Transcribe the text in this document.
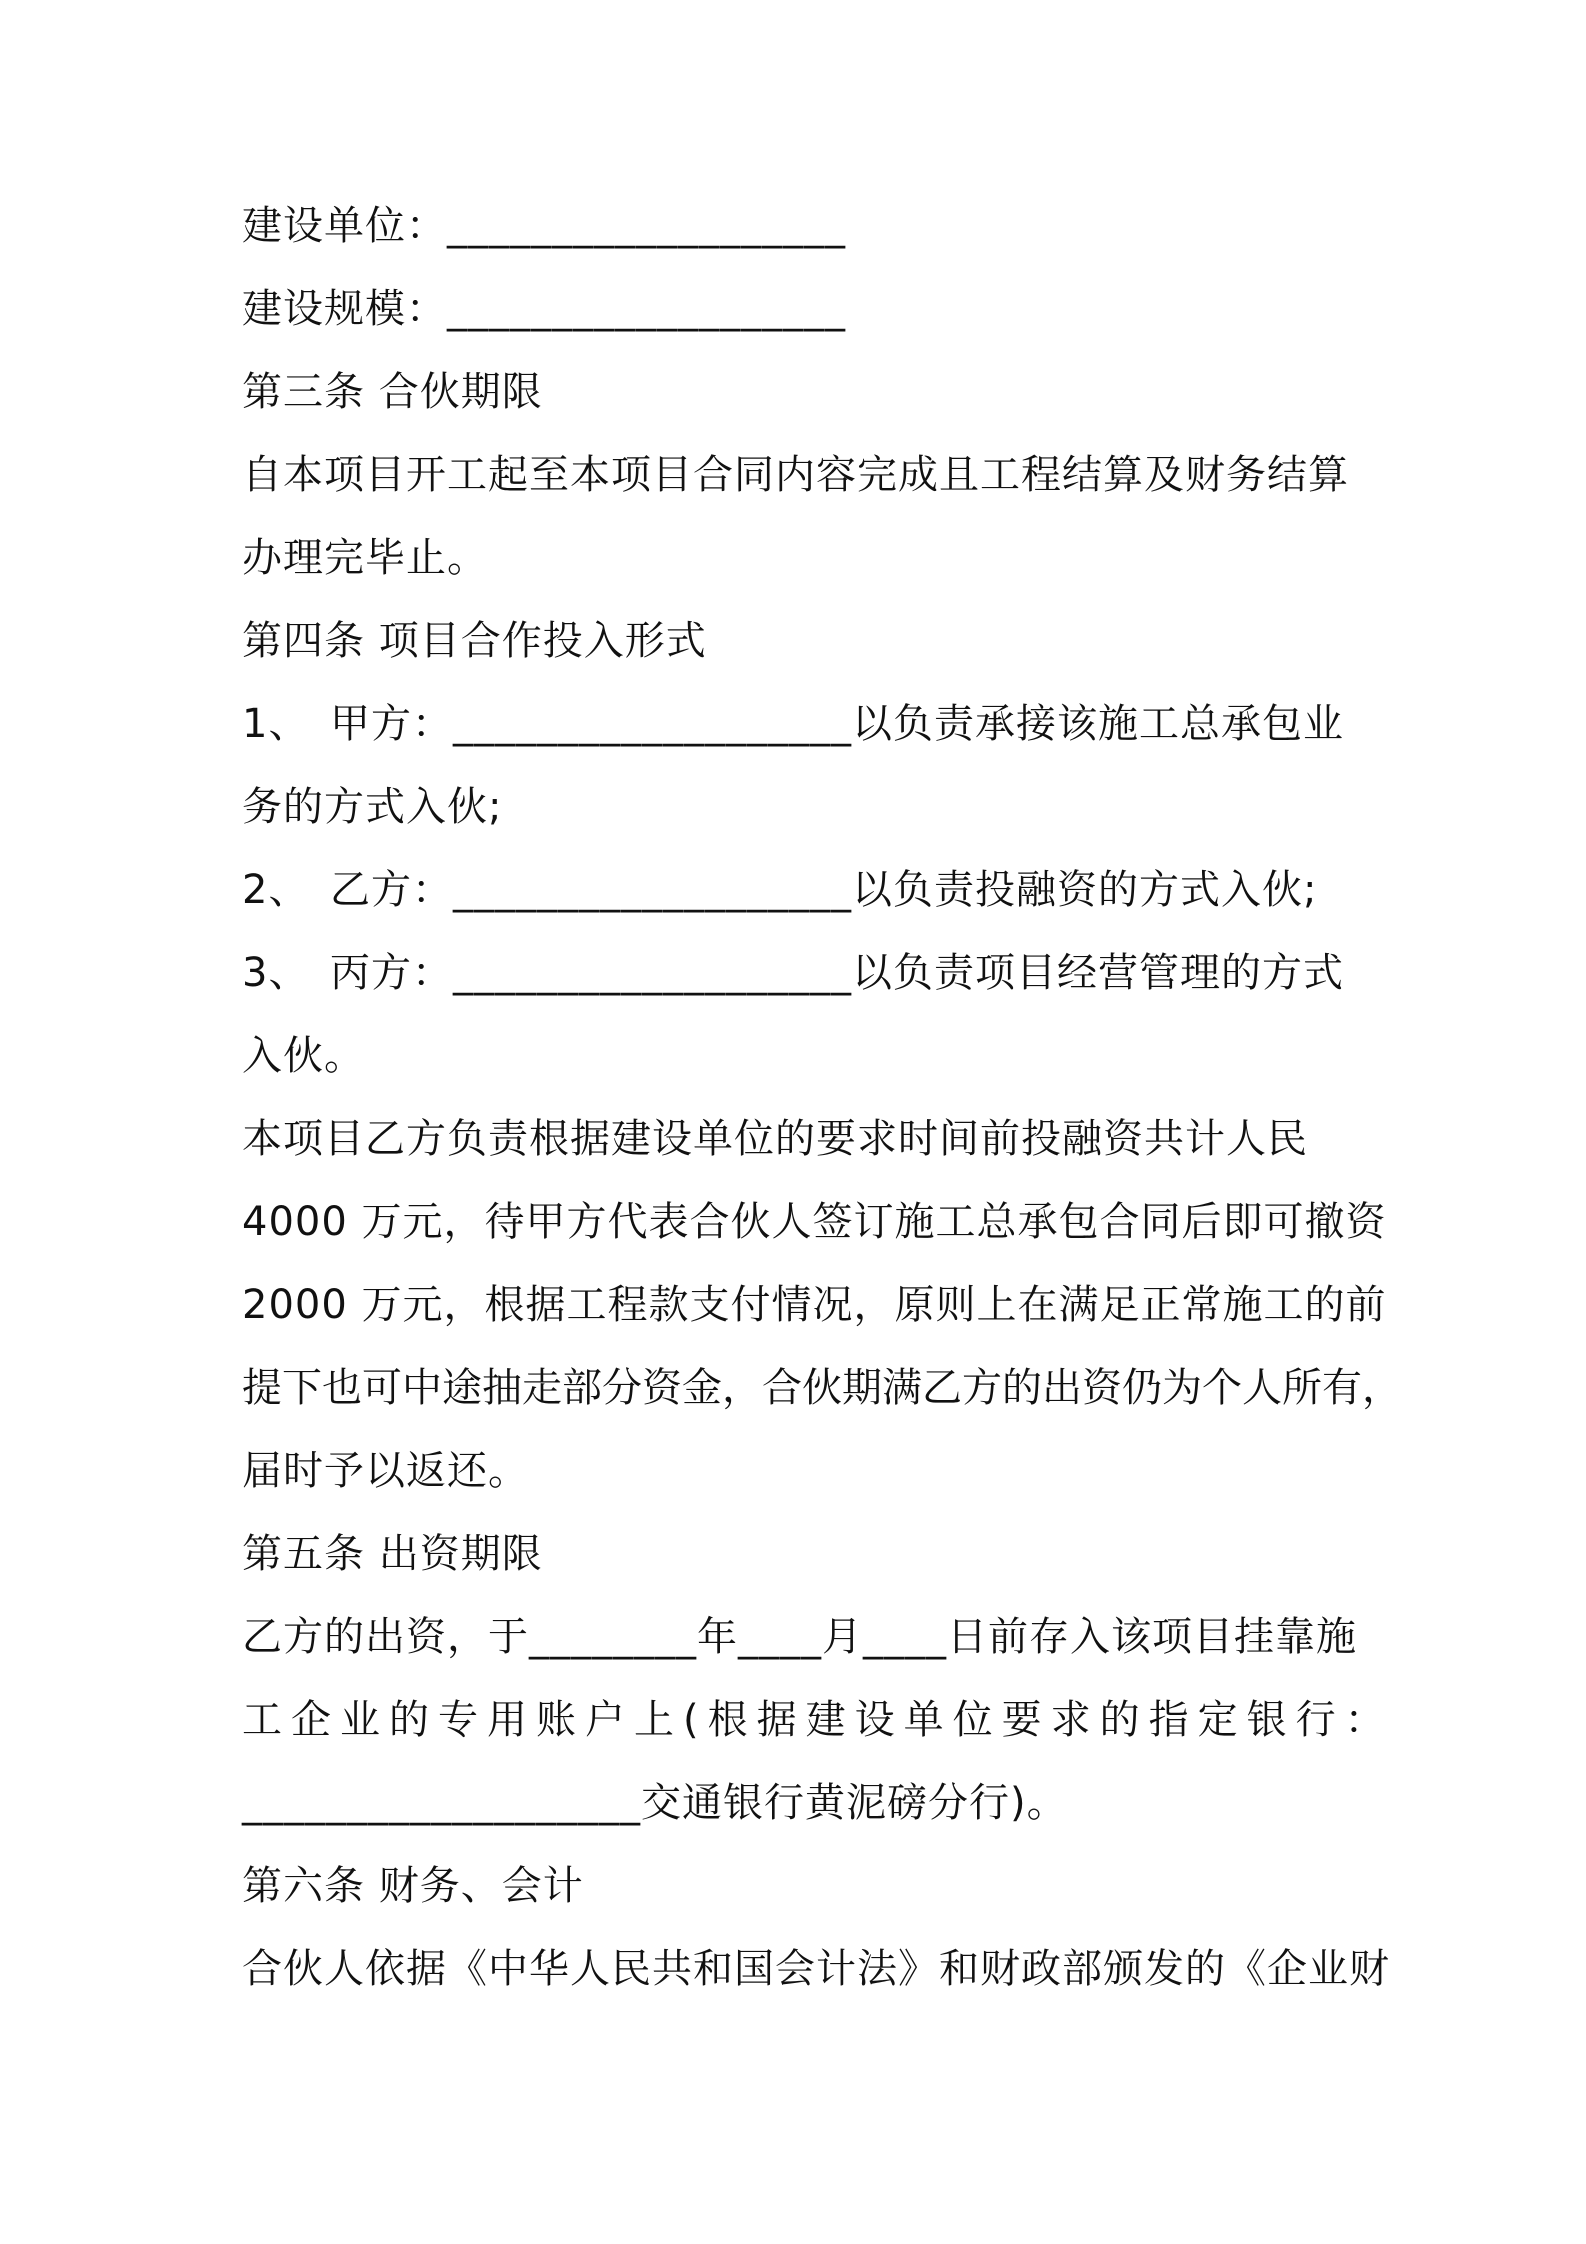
建设单位：___________________
建设规模：___________________
第三条 合伙期限
自本项目开工起至本项目合同内容完成且工程结算及财务结算
办理完毕止。
第四条 项目合作投入形式
1、 甲方：___________________以负责承接该施工总承包业
务的方式入伙;
2、 乙方：___________________以负责投融资的方式入伙;
3、 丙方：___________________以负责项目经营管理的方式
入伙。
本项目乙方负责根据建设单位的要求时间前投融资共计人民
4000 万元，待甲方代表合伙人签订施工总承包合同后即可撤资
2000 万元，根据工程款支付情况，原则上在满足正常施工的前
提下也可中途抽走部分资金，合伙期满乙方的出资仍为个人所有，
届时予以返还。
第五条 出资期限
乙方的出资，于________年____月____日前存入该项目挂靠施
工企业的专用账户上(根据建设单位要求的指定银行：
___________________交通银行黄泥磅分行)。
第六条 财务、会计
合伙人依据《中华人民共和国会计法》和财政部颁发的《企业财
